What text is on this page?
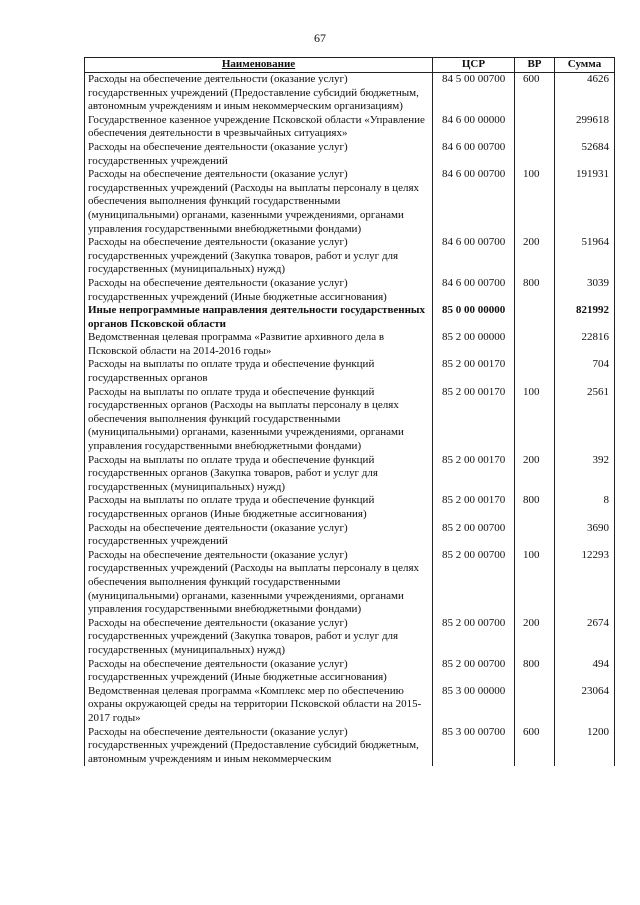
67
Наименование	ЦСР	ВР	Сумма
Расходы на обеспечение деятельности (оказание услуг) государственных учреждений (Предоставление субсидий бюджетным, автономным учреждениям и иным некоммерческим организациям)	84 5 00 00700	600	4626
Государственное казенное учреждение Псковской области «Управление обеспечения деятельности в чрезвычайных ситуациях»	84 6 00 00000		299618
Расходы на обеспечение деятельности (оказание услуг) государственных учреждений	84 6 00 00700		52684
Расходы на обеспечение деятельности (оказание услуг) государственных учреждений (Расходы на выплаты персоналу в целях обеспечения выполнения функций государственными (муниципальными) органами, казенными учреждениями, органами управления государственными внебюджетными фондами)	84 6 00 00700	100	191931
Расходы на обеспечение деятельности (оказание услуг) государственных учреждений (Закупка товаров, работ и услуг для государственных (муниципальных) нужд)	84 6 00 00700	200	51964
Расходы на обеспечение деятельности (оказание услуг) государственных учреждений (Иные бюджетные ассигнования)	84 6 00 00700	800	3039
Иные непрограммные направления деятельности государственных органов Псковской области	85 0 00 00000		821992
Ведомственная целевая программа «Развитие архивного дела в Псковской области на 2014-2016 годы»	85 2 00 00000		22816
Расходы на выплаты по оплате труда и обеспечение функций государственных органов	85 2 00 00170		704
Расходы на выплаты по оплате труда и обеспечение функций государственных органов (Расходы на выплаты персоналу в целях обеспечения выполнения функций государственными (муниципальными) органами, казенными учреждениями, органами управления государственными внебюджетными фондами)	85 2 00 00170	100	2561
Расходы на выплаты по оплате труда и обеспечение функций государственных органов (Закупка товаров, работ и услуг для государственных (муниципальных) нужд)	85 2 00 00170	200	392
Расходы на выплаты по оплате труда и обеспечение функций государственных органов (Иные бюджетные ассигнования)	85 2 00 00170	800	8
Расходы на обеспечение деятельности (оказание услуг) государственных учреждений	85 2 00 00700		3690
Расходы на обеспечение деятельности (оказание услуг) государственных учреждений (Расходы на выплаты персоналу в целях обеспечения выполнения функций государственными (муниципальными) органами, казенными учреждениями, органами управления государственными внебюджетными фондами)	85 2 00 00700	100	12293
Расходы на обеспечение деятельности (оказание услуг) государственных учреждений (Закупка товаров, работ и услуг для государственных (муниципальных) нужд)	85 2 00 00700	200	2674
Расходы на обеспечение деятельности (оказание услуг) государственных учреждений (Иные бюджетные ассигнования)	85 2 00 00700	800	494
Ведомственная целевая программа «Комплекс мер по обеспечению охраны окружающей среды на территории Псковской области на 2015-2017 годы»	85 3 00 00000		23064
Расходы на обеспечение деятельности (оказание услуг) государственных учреждений (Предоставление субсидий бюджетным, автономным учреждениям и иным некоммерческим	85 3 00 00700	600	1200
